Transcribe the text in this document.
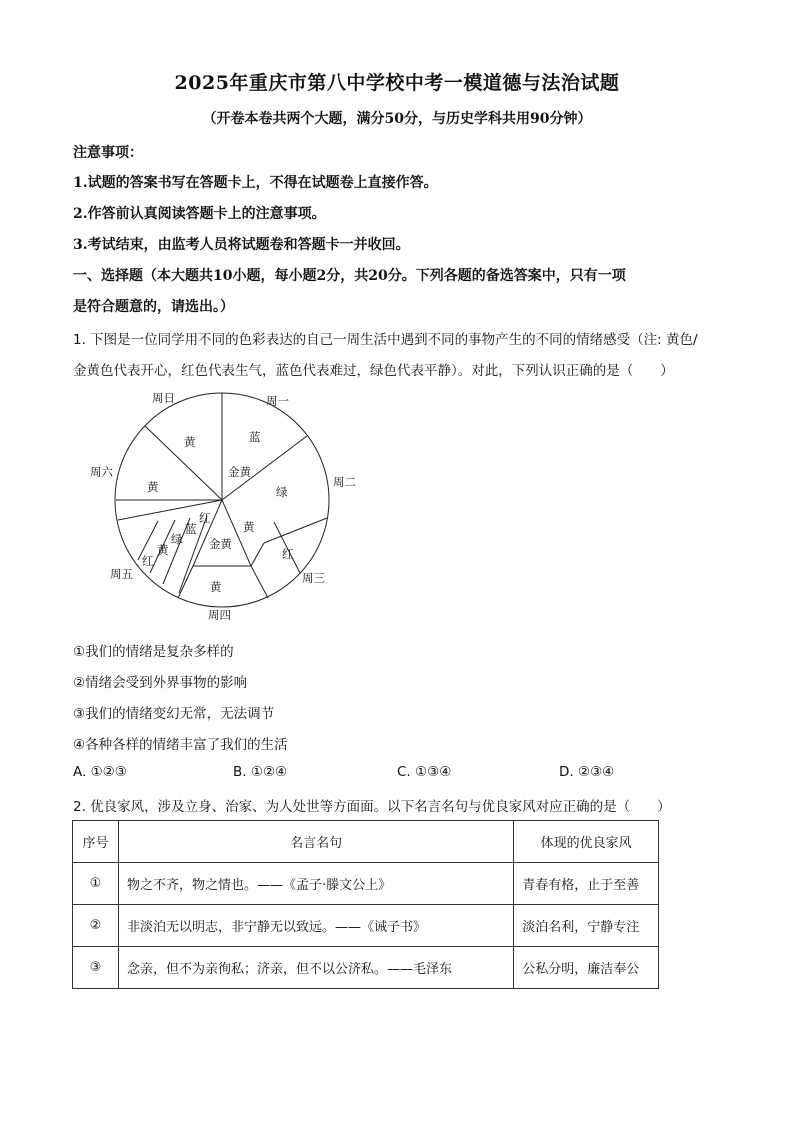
2025年重庆市第八中学校中考一模道德与法治试题
（开卷本卷共两个大题，满分50分，与历史学科共用90分钟）
注意事项：
1.试题的答案书写在答题卡上，不得在试题卷上直接作答。
2.作答前认真阅读答题卡上的注意事项。
3.考试结束，由监考人员将试题卷和答题卡一并收回。
一、选择题（本大题共10小题，每小题2分，共20分。下列各题的备选答案中，只有一项
是符合题意的，请选出。）
1. 下图是一位同学用不同的色彩表达的自己一周生活中遇到不同的事物产生的不同的情绪感受（注: 黄色/
金黄色代表开心，红色代表生气，蓝色代表难过，绿色代表平静）。对此，下列认识正确的是（　　）
周日	周一
周二
周三
周四
周五
周六
黄	蓝
金黄
绿
黄
黄
红
黄
金黄
红
蓝
绿
黄
红
①我们的情绪是复杂多样的
②情绪会受到外界事物的影响
③我们的情绪变幻无常，无法调节
④各种各样的情绪丰富了我们的生活
A. ①②③	B. ①②④	C. ①③④	D. ②③④
2. 优良家风，涉及立身、治家、为人处世等方面面。以下名言名句与优良家风对应正确的是（　　）
序号	名言名句	体现的优良家风
①	物之不齐，物之情也。——《孟子·滕文公上》	青春有格，止于至善
②	非淡泊无以明志，非宁静无以致远。——《诫子书》	淡泊名利，宁静专注
③	念亲，但不为亲徇私；济亲，但不以公济私。——毛泽东	公私分明，廉洁奉公
